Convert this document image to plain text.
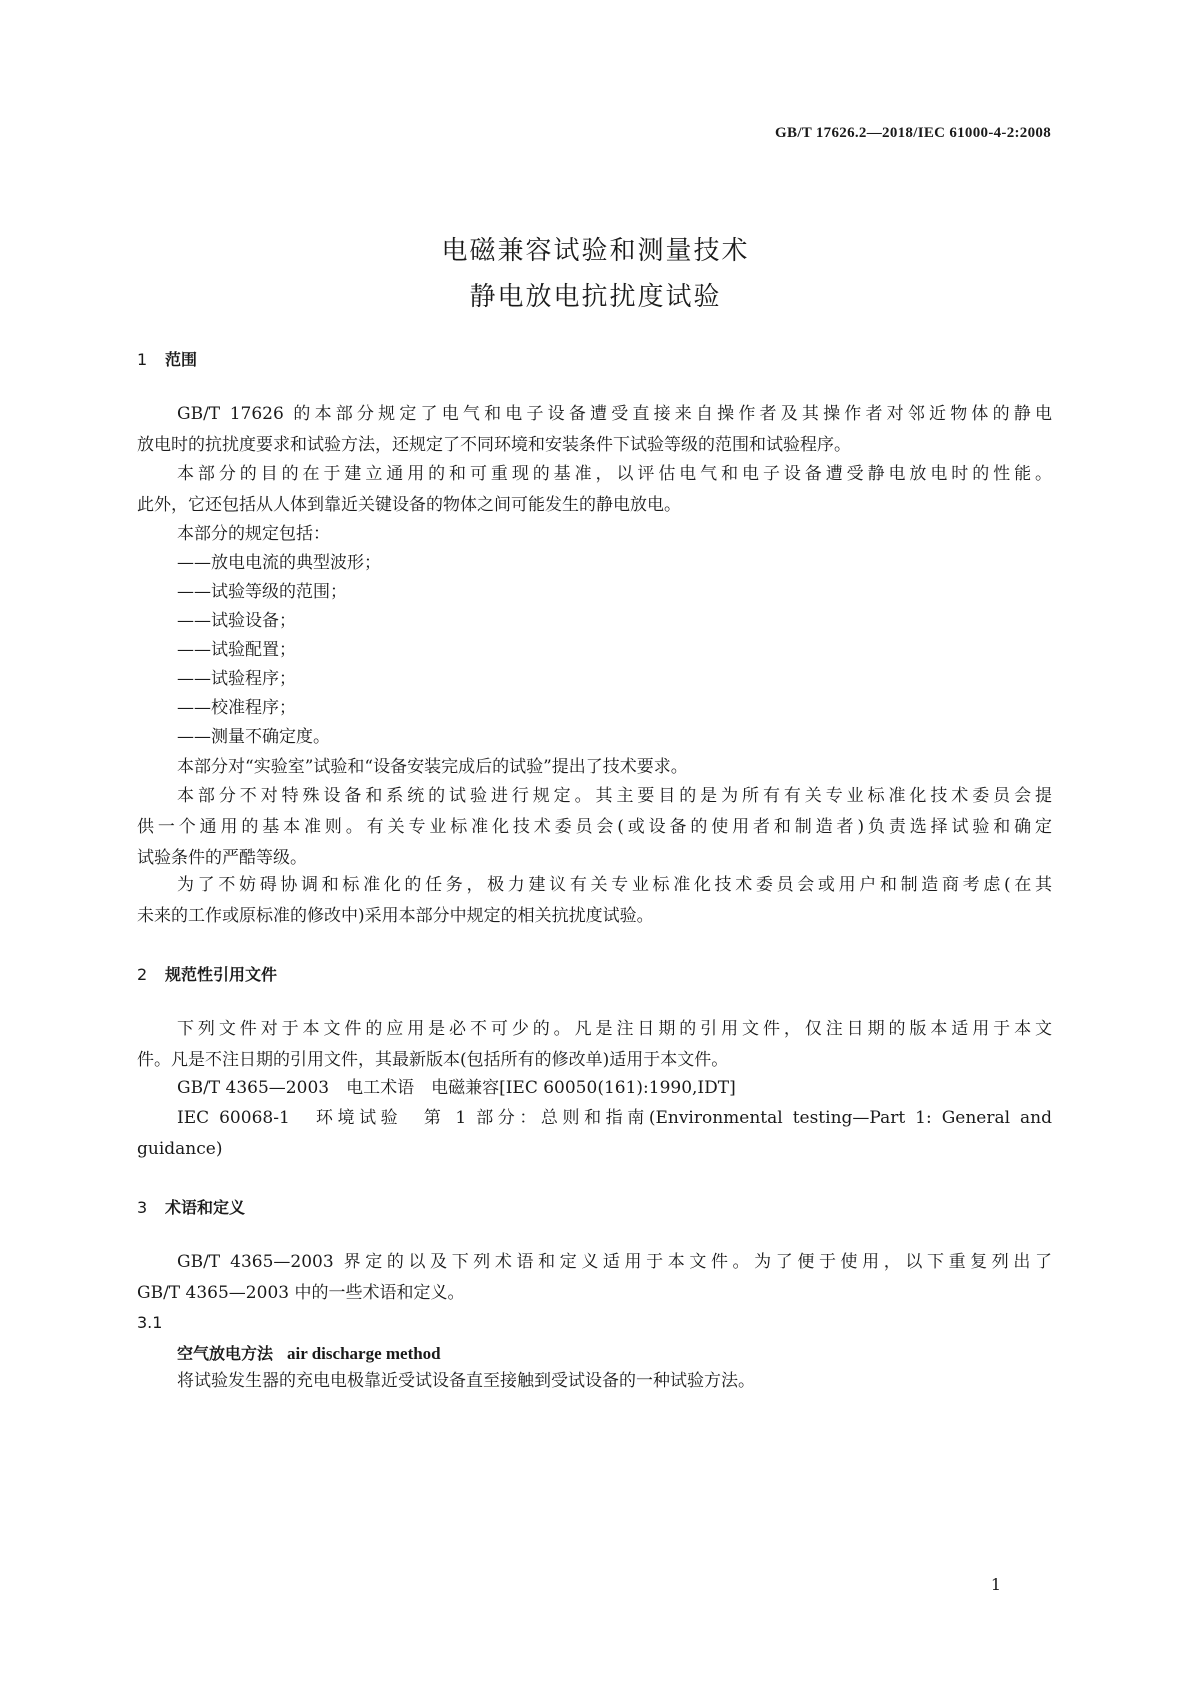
GB/T 17626.2—2018/IEC 61000-4-2:2008
电磁兼容试验和测量技术
静电放电抗扰度试验
1 范围
GB/T 17626 的本部分规定了电气和电子设备遭受直接来自操作者及其操作者对邻近物体的静电
放电时的抗扰度要求和试验方法，还规定了不同环境和安装条件下试验等级的范围和试验程序。
本部分的目的在于建立通用的和可重现的基准，以评估电气和电子设备遭受静电放电时的性能。
此外，它还包括从人体到靠近关键设备的物体之间可能发生的静电放电。
本部分的规定包括：
——放电电流的典型波形；
——试验等级的范围；
——试验设备；
——试验配置；
——试验程序；
——校准程序；
——测量不确定度。
本部分对“实验室”试验和“设备安装完成后的试验”提出了技术要求。
本部分不对特殊设备和系统的试验进行规定。其主要目的是为所有有关专业标准化技术委员会提
供一个通用的基本准则。有关专业标准化技术委员会(或设备的使用者和制造者)负责选择试验和确定
试验条件的严酷等级。
为了不妨碍协调和标准化的任务，极力建议有关专业标准化技术委员会或用户和制造商考虑(在其
未来的工作或原标准的修改中)采用本部分中规定的相关抗扰度试验。
2 规范性引用文件
下列文件对于本文件的应用是必不可少的。凡是注日期的引用文件，仅注日期的版本适用于本文
件。凡是不注日期的引用文件，其最新版本(包括所有的修改单)适用于本文件。
GB/T 4365—2003　电工术语　电磁兼容[IEC 60050(161):1990,IDT]
IEC 60068-1　环境试验　第 1 部分：总则和指南(Environmental testing—Part 1: General and
guidance)
3 术语和定义
GB/T 4365—2003 界定的以及下列术语和定义适用于本文件。为了便于使用，以下重复列出了
GB/T 4365—2003 中的一些术语和定义。
3.1
空气放电方法 air discharge method
将试验发生器的充电电极靠近受试设备直至接触到受试设备的一种试验方法。
1
